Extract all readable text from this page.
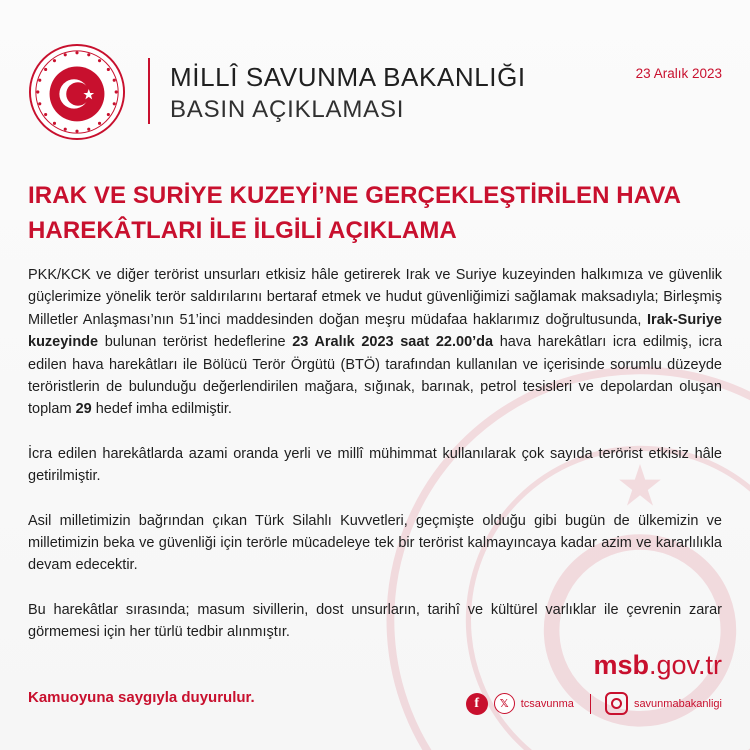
MİLLÎ SAVUNMA BAKANLIĞI
BASIN AÇIKLAMASI
23 Aralık 2023
IRAK VE SURİYE KUZEYİ’NE GERÇEKLEŞTİRİLEN HAVA
HAREKÂTLARI İLE İLGİLİ AÇIKLAMA

PKK/KCK ve diğer terörist unsurları etkisiz hâle getirerek Irak ve Suriye kuzeyinden halkımıza ve güvenlik güçlerimize yönelik terör saldırılarını bertaraf etmek ve hudut güvenliğimizi sağlamak maksadıyla; Birleşmiş Milletler Anlaşması’nın 51’inci maddesinden doğan meşru müdafaa haklarımız doğrultusunda, Irak-Suriye kuzeyinde bulunan terörist hedeflerine 23 Aralık 2023 saat 22.00’da hava harekâtları icra edilmiş, icra edilen hava harekâtları ile Bölücü Terör Örgütü (BTÖ) tarafından kullanılan ve içerisinde sorumlu düzeyde teröristlerin de bulunduğu değerlendirilen mağara, sığınak, barınak, petrol tesisleri ve depolardan oluşan toplam 29 hedef imha edilmiştir.

İcra edilen harekâtlarda azami oranda yerli ve millî mühimmat kullanılarak çok sayıda terörist etkisiz hâle getirilmiştir.

Asil milletimizin bağrından çıkan Türk Silahlı Kuvvetleri, geçmişte olduğu gibi bugün de ülkemizin ve milletimizin beka ve güvenliği için terörle mücadeleye tek bir terörist kalmayıncaya kadar azim ve kararlılıkla devam edecektir.

Bu harekâtlar sırasında; masum sivillerin, dost unsurların, tarihî ve kültürel varlıklar ile çevrenin zarar görmemesi için her türlü tedbir alınmıştır.

msb.gov.tr
Kamuoyuna saygıyla duyurulur.	f	𝕏	tcsavunma	savunmabakanligi
